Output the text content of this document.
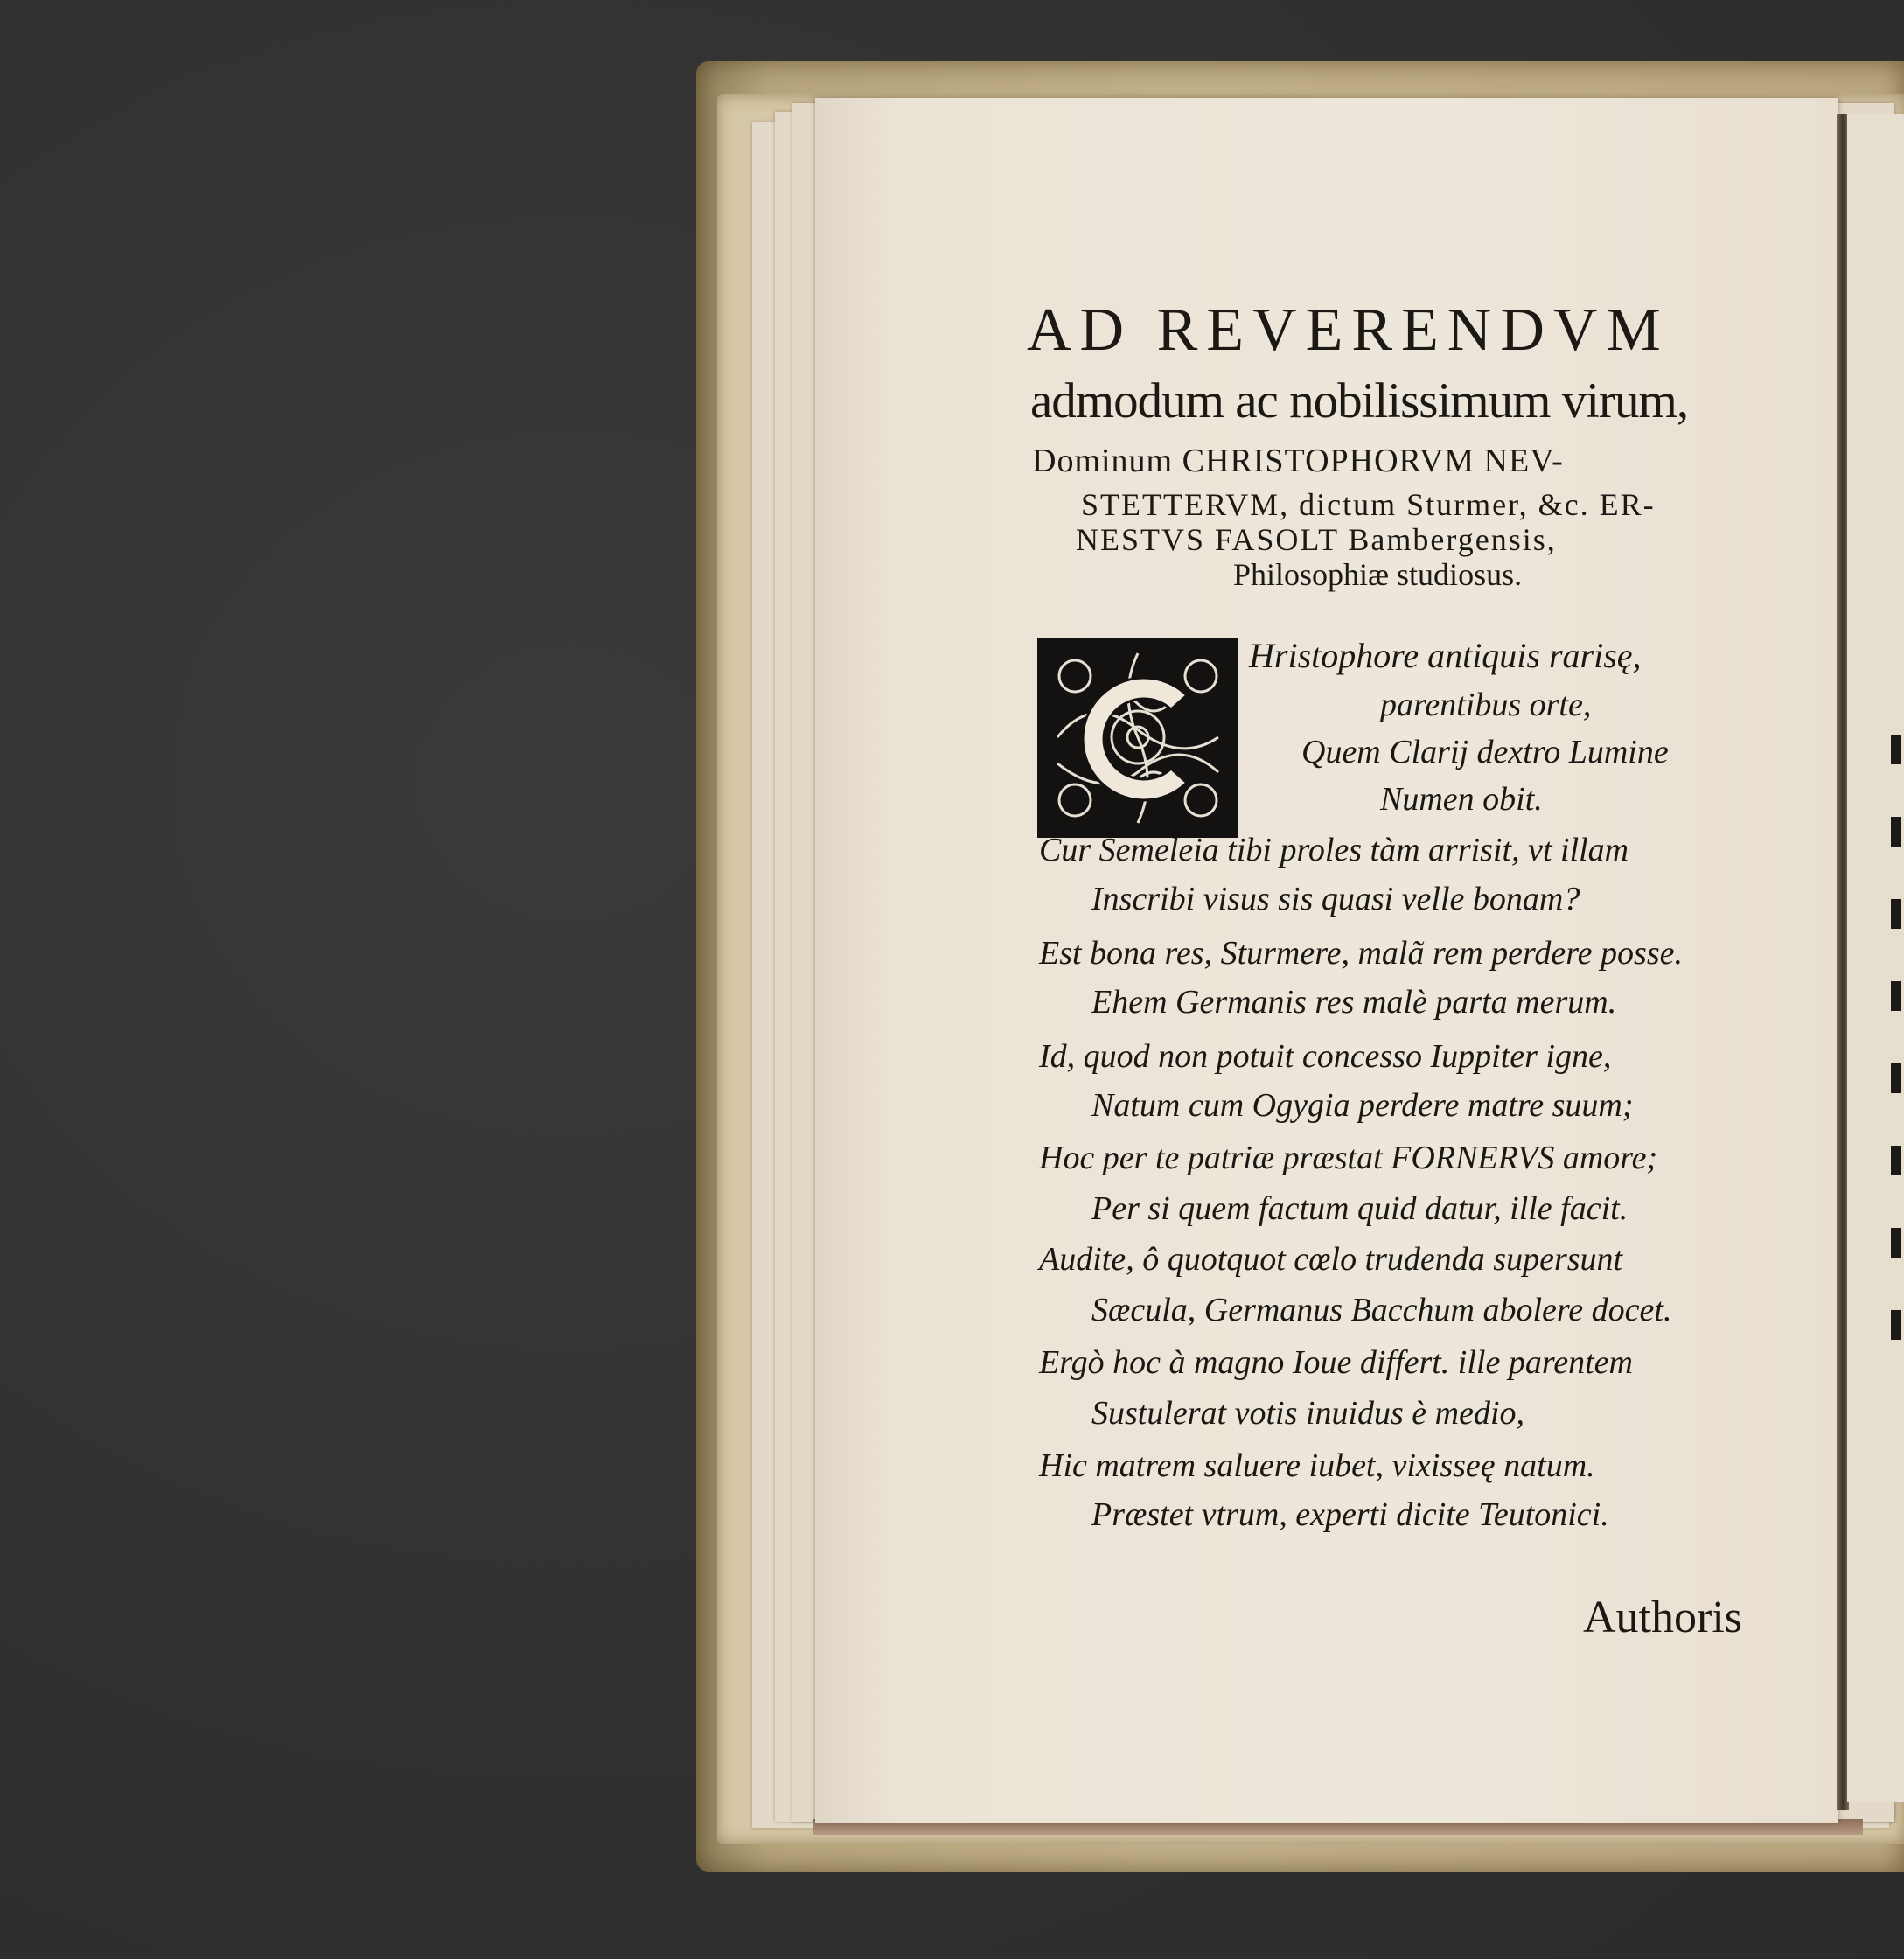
AD REVERENDVM
admodum ac nobilissimum virum,
Dominum CHRISTOPHORVM NEV-
STETTERVM, dictum Sturmer, &c. ER-
NESTVS FASOLT Bambergensis,
Philosophiæ studiosus.
Hristophore antiquis rarisę,
parentibus orte,
Quem Clarij dextro Lumine
Numen obit.
Cur Semeleia tibi proles tàm arrisit, vt illam
Inscribi visus sis quasi velle bonam?
Est bona res, Sturmere, malã rem perdere posse.
Ehem Germanis res malè parta merum.
Id, quod non potuit concesso Iuppiter igne,
Natum cum Ogygia perdere matre suum;
Hoc per te patriæ præstat FORNERVS amore;
Per si quem factum quid datur, ille facit.
Audite, ô quotquot cœlo trudenda supersunt
Sæcula, Germanus Bacchum abolere docet.
Ergò hoc à magno Ioue differt. ille parentem
Sustulerat votis inuidus è medio,
Hic matrem saluere iubet, vixisseę natum.
Præstet vtrum, experti dicite Teutonici.
Authoris
